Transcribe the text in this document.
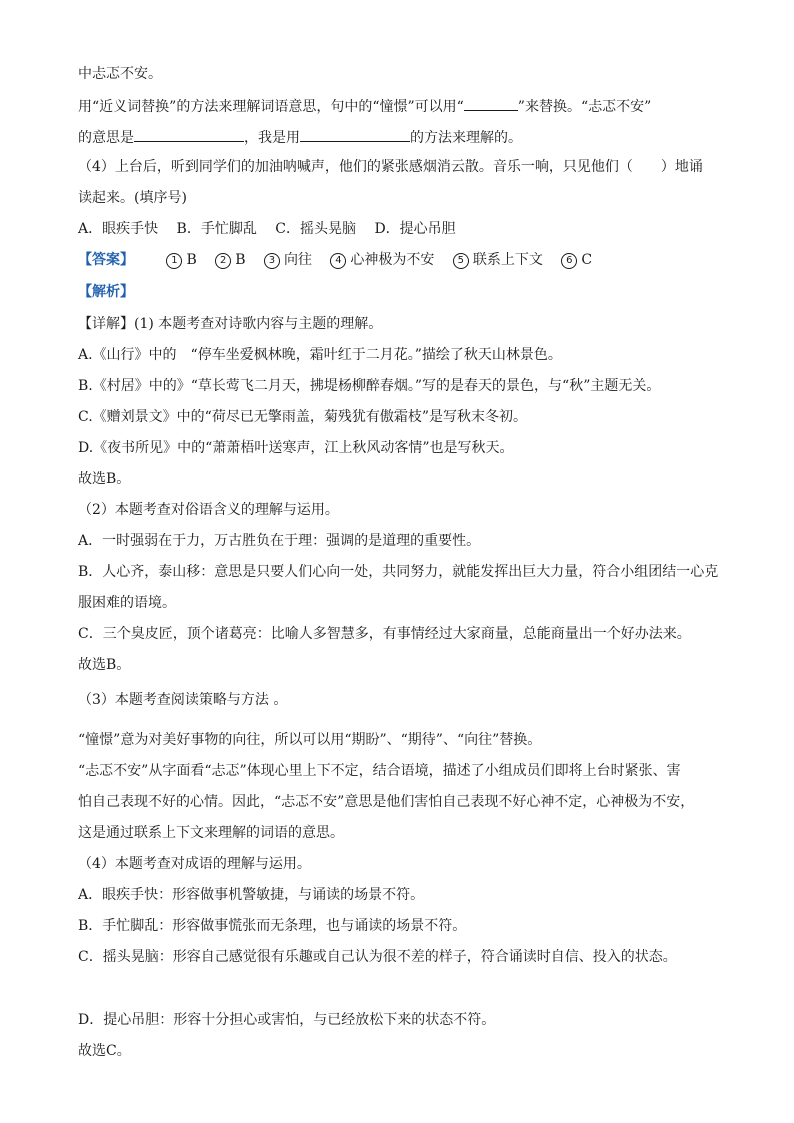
中忐忑不安。
用“近义词替换”的方法来理解词语意思，句中的“憧憬”可以用“	”来替换。“忐忑不安”
的意思是	，我是用	的方法来理解的。
（4）上台后，听到同学们的加油呐喊声，他们的紧张感烟消云散。音乐一响，只见他们（　　）地诵
读起来。(填序号)
A．眼疾手快　 B．手忙脚乱　 C．摇头晃脑　 D．提心吊胆
【答案】	1 B 2 B 3 向往 4 心神极为不安 5 联系上下文 6 C
【解析】
【详解】(1) 本题考查对诗歌内容与主题的理解。
A.《山行》中的　“停车坐爱枫林晚，霜叶红于二月花。”描绘了秋天山林景色。
B.《村居》中的》“草长莺飞二月天，拂堤杨柳醉春烟。”写的是春天的景色，与“秋”主题无关。
C.《赠刘景文》中的“荷尽已无擎雨盖，菊残犹有傲霜枝”是写秋末冬初。
D.《夜书所见》中的“萧萧梧叶送寒声，江上秋风动客情”也是写秋天。
故选B。
（2）本题考查对俗语含义的理解与运用。
A．一时强弱在于力，万古胜负在于理：强调的是道理的重要性。
B．人心齐，泰山移：意思是只要人们心向一处，共同努力，就能发挥出巨大力量，符合小组团结一心克
服困难的语境。
C．三个臭皮匠，顶个诸葛亮：比喻人多智慧多，有事情经过大家商量，总能商量出一个好办法来。
故选B。
（3）本题考查阅读策略与方法 。
“憧憬”意为对美好事物的向往，所以可以用“期盼”、“期待”、“向往”替换。
“忐忑不安”从字面看“忐忑”体现心里上下不定，结合语境，描述了小组成员们即将上台时紧张、害
怕自己表现不好的心情。因此，“忐忑不安”意思是他们害怕自己表现不好心神不定，心神极为不安，
这是通过联系上下文来理解的词语的意思。
（4）本题考查对成语的理解与运用。
A．眼疾手快：形容做事机警敏捷，与诵读的场景不符。
B．手忙脚乱：形容做事慌张而无条理，也与诵读的场景不符。
C．摇头晃脑：形容自己感觉很有乐趣或自己认为很不差的样子，符合诵读时自信、投入的状态。
D．提心吊胆：形容十分担心或害怕，与已经放松下来的状态不符。
故选C。
